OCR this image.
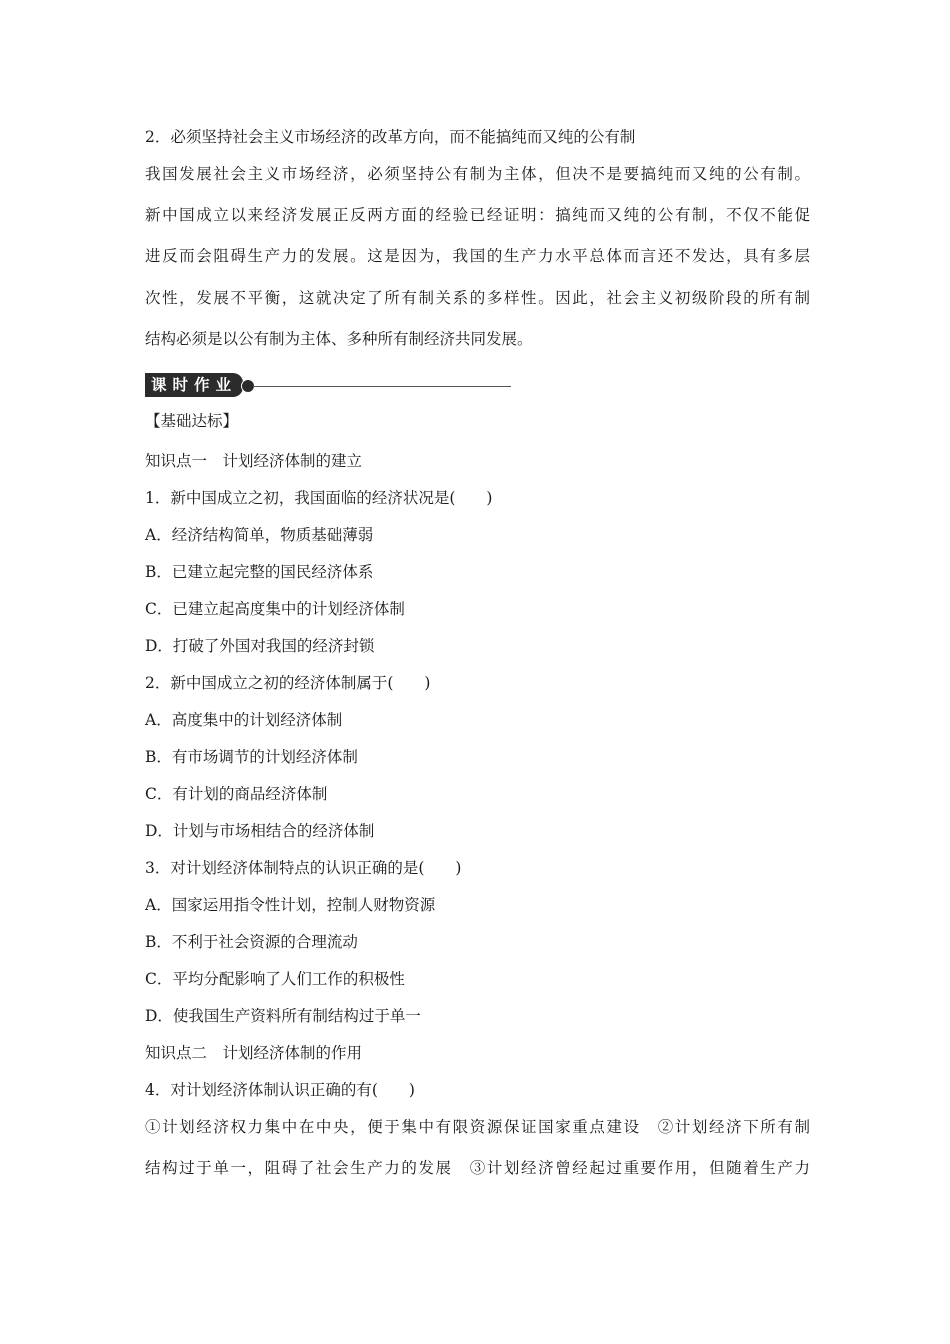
2．必须坚持社会主义市场经济的改革方向，而不能搞纯而又纯的公有制
我国发展社会主义市场经济，必须坚持公有制为主体，但决不是要搞纯而又纯的公有制。
新中国成立以来经济发展正反两方面的经验已经证明：搞纯而又纯的公有制，不仅不能促
进反而会阻碍生产力的发展。这是因为，我国的生产力水平总体而言还不发达，具有多层
次性，发展不平衡，这就决定了所有制关系的多样性。因此，社会主义初级阶段的所有制
结构必须是以公有制为主体、多种所有制经济共同发展。
课时作业
【基础达标】
知识点一　计划经济体制的建立
1．新中国成立之初，我国面临的经济状况是(　　)
A．经济结构简单，物质基础薄弱
B．已建立起完整的国民经济体系
C．已建立起高度集中的计划经济体制
D．打破了外国对我国的经济封锁
2．新中国成立之初的经济体制属于(　　)
A．高度集中的计划经济体制
B．有市场调节的计划经济体制
C．有计划的商品经济体制
D．计划与市场相结合的经济体制
3．对计划经济体制特点的认识正确的是(　　)
A．国家运用指令性计划，控制人财物资源
B．不利于社会资源的合理流动
C．平均分配影响了人们工作的积极性
D．使我国生产资料所有制结构过于单一
知识点二　计划经济体制的作用
4．对计划经济体制认识正确的有(　　)
①计划经济权力集中在中央，便于集中有限资源保证国家重点建设　②计划经济下所有制
结构过于单一，阻碍了社会生产力的发展　③计划经济曾经起过重要作用，但随着生产力
